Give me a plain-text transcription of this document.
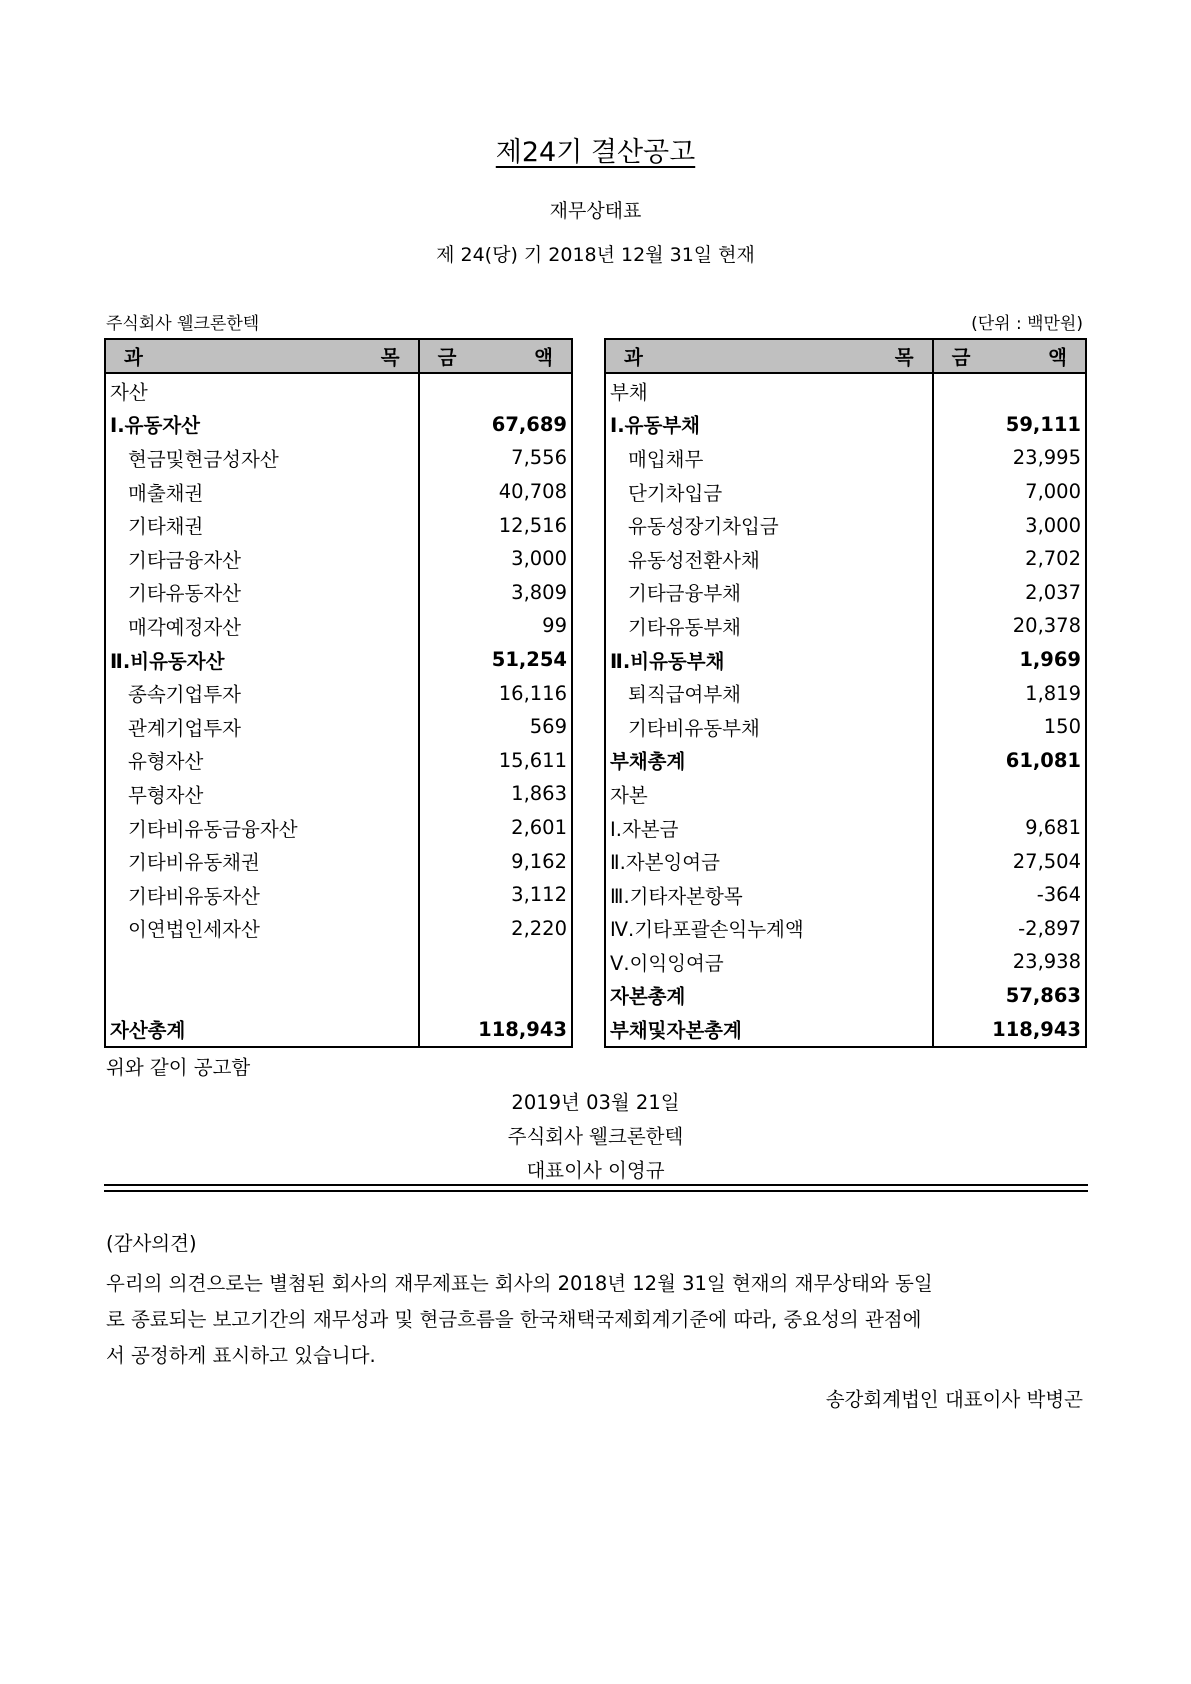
제24기 결산공고
재무상태표
제 24(당) 기 2018년 12월 31일 현재
주식회사 웰크론한텍	(단위 : 백만원)
과 목	금 액

자산	
Ⅰ.유동자산	67,689
현금및현금성자산	7,556
매출채권	40,708
기타채권	12,516
기타금융자산	3,000
기타유동자산	3,809
매각예정자산	99
Ⅱ.비유동자산	51,254
종속기업투자	16,116
관계기업투자	569
유형자산	15,611
무형자산	1,863
기타비유동금융자산	2,601
기타비유동채권	9,162
기타비유동자산	3,112
이연법인세자산	2,220

자산총계	118,943
과 목	금 액

부채	
Ⅰ.유동부채	59,111
매입채무	23,995
단기차입금	7,000
유동성장기차입금	3,000
유동성전환사채	2,702
기타금융부채	2,037
기타유동부채	20,378
Ⅱ.비유동부채	1,969
퇴직급여부채	1,819
기타비유동부채	150
부채총계	61,081
자본	
Ⅰ.자본금	9,681
Ⅱ.자본잉여금	27,504
Ⅲ.기타자본항목	-364
Ⅳ.기타포괄손익누계액	-2,897
Ⅴ.이익잉여금	23,938
자본총계	57,863
부채및자본총계	118,943
위와 같이 공고함
2019년 03월 21일
주식회사 웰크론한텍
대표이사 이영규
(감사의견)
우리의 의견으로는 별첨된 회사의 재무제표는 회사의 2018년 12월 31일 현재의 재무상태와 동일
로 종료되는 보고기간의 재무성과 및 현금흐름을 한국채택국제회계기준에 따라, 중요성의 관점에
서 공정하게 표시하고 있습니다.
송강회계법인 대표이사 박병곤
